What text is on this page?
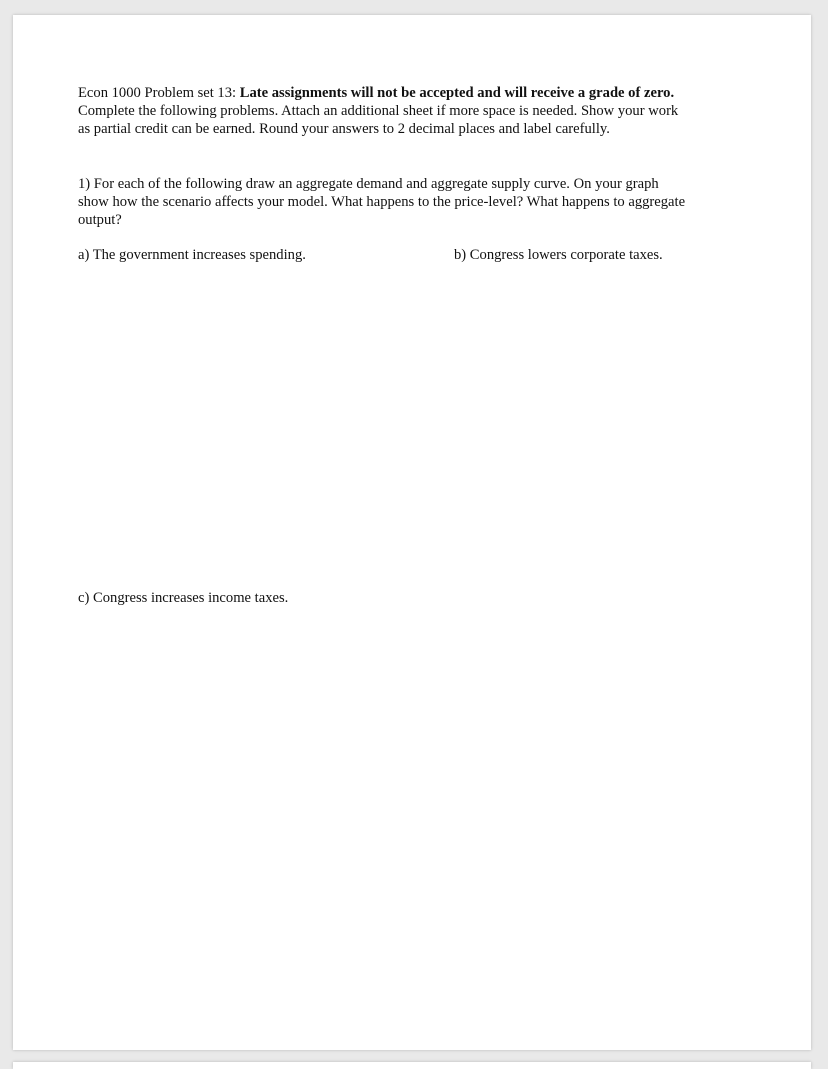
Econ 1000 Problem set 13: Late assignments will not be accepted and will receive a grade of zero.
Complete the following problems. Attach an additional sheet if more space is needed. Show your work
as partial credit can be earned. Round your answers to 2 decimal places and label carefully.
1) For each of the following draw an aggregate demand and aggregate supply curve. On your graph
show how the scenario affects your model. What happens to the price-level? What happens to aggregate
output?
a) The government increases spending.	b) Congress lowers corporate taxes.
c) Congress increases income taxes.
